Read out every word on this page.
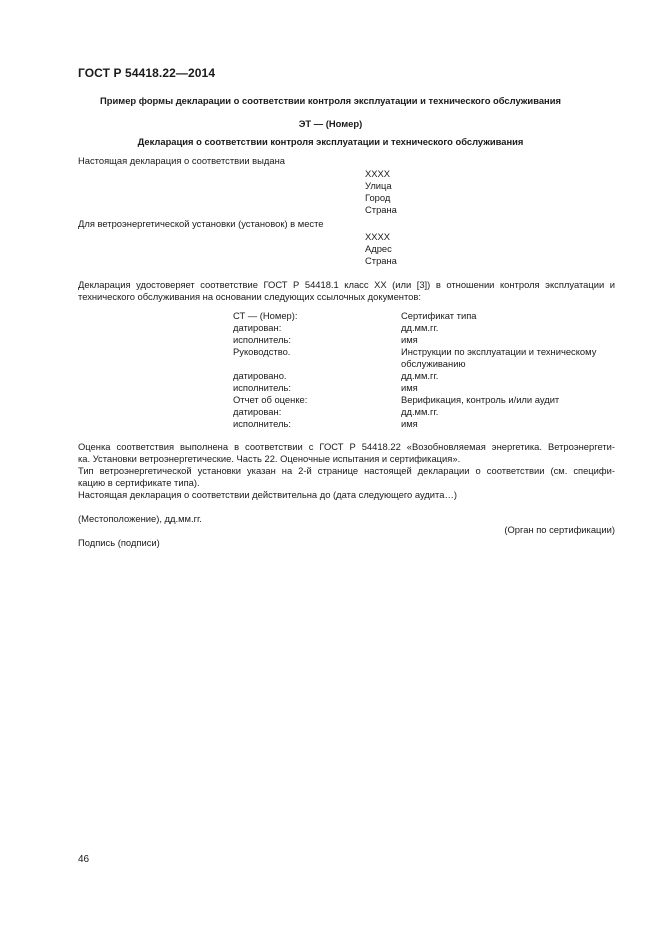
ГОСТ Р 54418.22—2014
Пример формы декларации о соответствии контроля эксплуатации и технического обслуживания
ЭТ — (Номер)
Декларация о соответствии контроля эксплуатации и технического обслуживания
Настоящая декларация о соответствии выдана
XXXX
Улица
Город
Страна
Для ветроэнергетической установки (установок) в месте
XXXX
Адрес
Страна
Декларация удостоверяет соответствие ГОСТ Р 54418.1 класс XX (или [3]) в отношении контроля эксплуатации и
технического обслуживания на основании следующих ссылочных документов:
СТ — (Номер):	Сертификат типа
датирован:	дд.мм.гг.
исполнитель:	имя
Руководство.	Инструкции по эксплуатации и техническому
обслуживанию
датировано.	дд.мм.гг.
исполнитель:	имя
Отчет об оценке:	Верификация, контроль и/или аудит
датирован:	дд.мм.гг.
исполнитель:	имя
Оценка соответствия выполнена в соответствии с ГОСТ Р 54418.22 «Возобновляемая энергетика. Ветроэнергети-
ка. Установки ветроэнергетические. Часть 22. Оценочные испытания и сертификация».
Тип ветроэнергетической установки указан на 2-й странице настоящей декларации о соответствии (см. специфи-
кацию в сертификате типа).
Настоящая декларация о соответствии действительна до (дата следующего аудита…)
(Местоположение), дд.мм.гг.
(Орган по сертификации)
Подпись (подписи)
46
